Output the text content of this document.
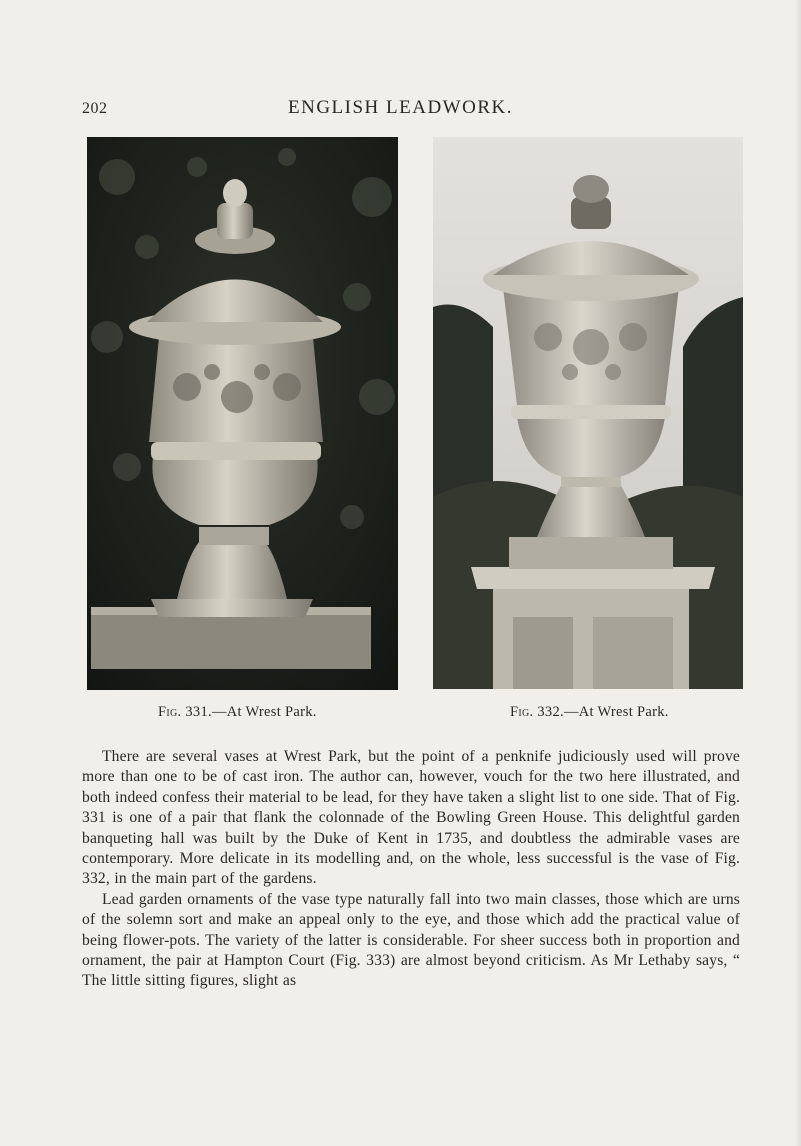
202	ENGLISH LEADWORK.
Fig. 331.—At Wrest Park.	Fig. 332.—At Wrest Park.

There are several vases at Wrest Park, but the point of a penknife judiciously used will prove more than one to be of cast iron. The author can, however, vouch for the two here illustrated, and both indeed confess their material to be lead, for they have taken a slight list to one side. That of Fig. 331 is one of a pair that flank the colonnade of the Bowling Green House. This delightful garden banqueting hall was built by the Duke of Kent in 1735, and doubtless the admirable vases are contemporary. More delicate in its modelling and, on the whole, less successful is the vase of Fig. 332, in the main part of the gardens.

Lead garden ornaments of the vase type naturally fall into two main classes, those which are urns of the solemn sort and make an appeal only to the eye, and those which add the practical value of being flower-pots. The variety of the latter is considerable. For sheer success both in proportion and ornament, the pair at Hampton Court (Fig. 333) are almost beyond criticism. As Mr Lethaby says, “ The little sitting figures, slight as
